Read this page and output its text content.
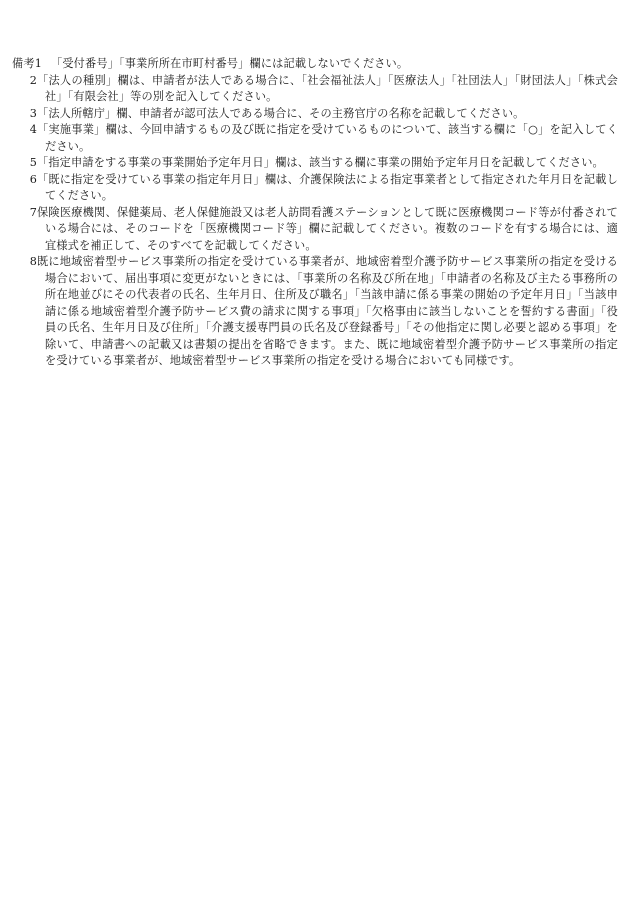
備考1 「受付番号」「事業所所在市町村番号」欄には記載しないでください。
2 「法人の種別」欄は、申請者が法人である場合に、「社会福祉法人」「医療法人」「社団法人」「財団法人」「株式会社」「有限会社」等の別を記入してください。
3 「法人所轄庁」欄、申請者が認可法人である場合に、その主務官庁の名称を記載してください。
4 「実施事業」欄は、今回申請するもの及び既に指定を受けているものについて、該当する欄に「○」を記入してください。
5 「指定申請をする事業の事業開始予定年月日」欄は、該当する欄に事業の開始予定年月日を記載してください。
6 「既に指定を受けている事業の指定年月日」欄は、介護保険法による指定事業者として指定された年月日を記載してください。
7 保険医療機関、保健薬局、老人保健施設又は老人訪問看護ステーションとして既に医療機関コード等が付番されている場合には、そのコードを「医療機関コード等」欄に記載してください。複数のコードを有する場合には、適宜様式を補正して、そのすべてを記載してください。
8 既に地域密着型サービス事業所の指定を受けている事業者が、地域密着型介護予防サービス事業所の指定を受ける場合において、届出事項に変更がないときには、「事業所の名称及び所在地」「申請者の名称及び主たる事務所の所在地並びにその代表者の氏名、生年月日、住所及び職名」「当該申請に係る事業の開始の予定年月日」「当該申請に係る地域密着型介護予防サービス費の請求に関する事項」「欠格事由に該当しないことを誓約する書面」「役員の氏名、生年月日及び住所」「介護支援専門員の氏名及び登録番号」「その他指定に関し必要と認める事項」を除いて、申請書への記載又は書類の提出を省略できます。また、既に地域密着型介護予防サービス事業所の指定を受けている事業者が、地域密着型サービス事業所の指定を受ける場合においても同様です。
